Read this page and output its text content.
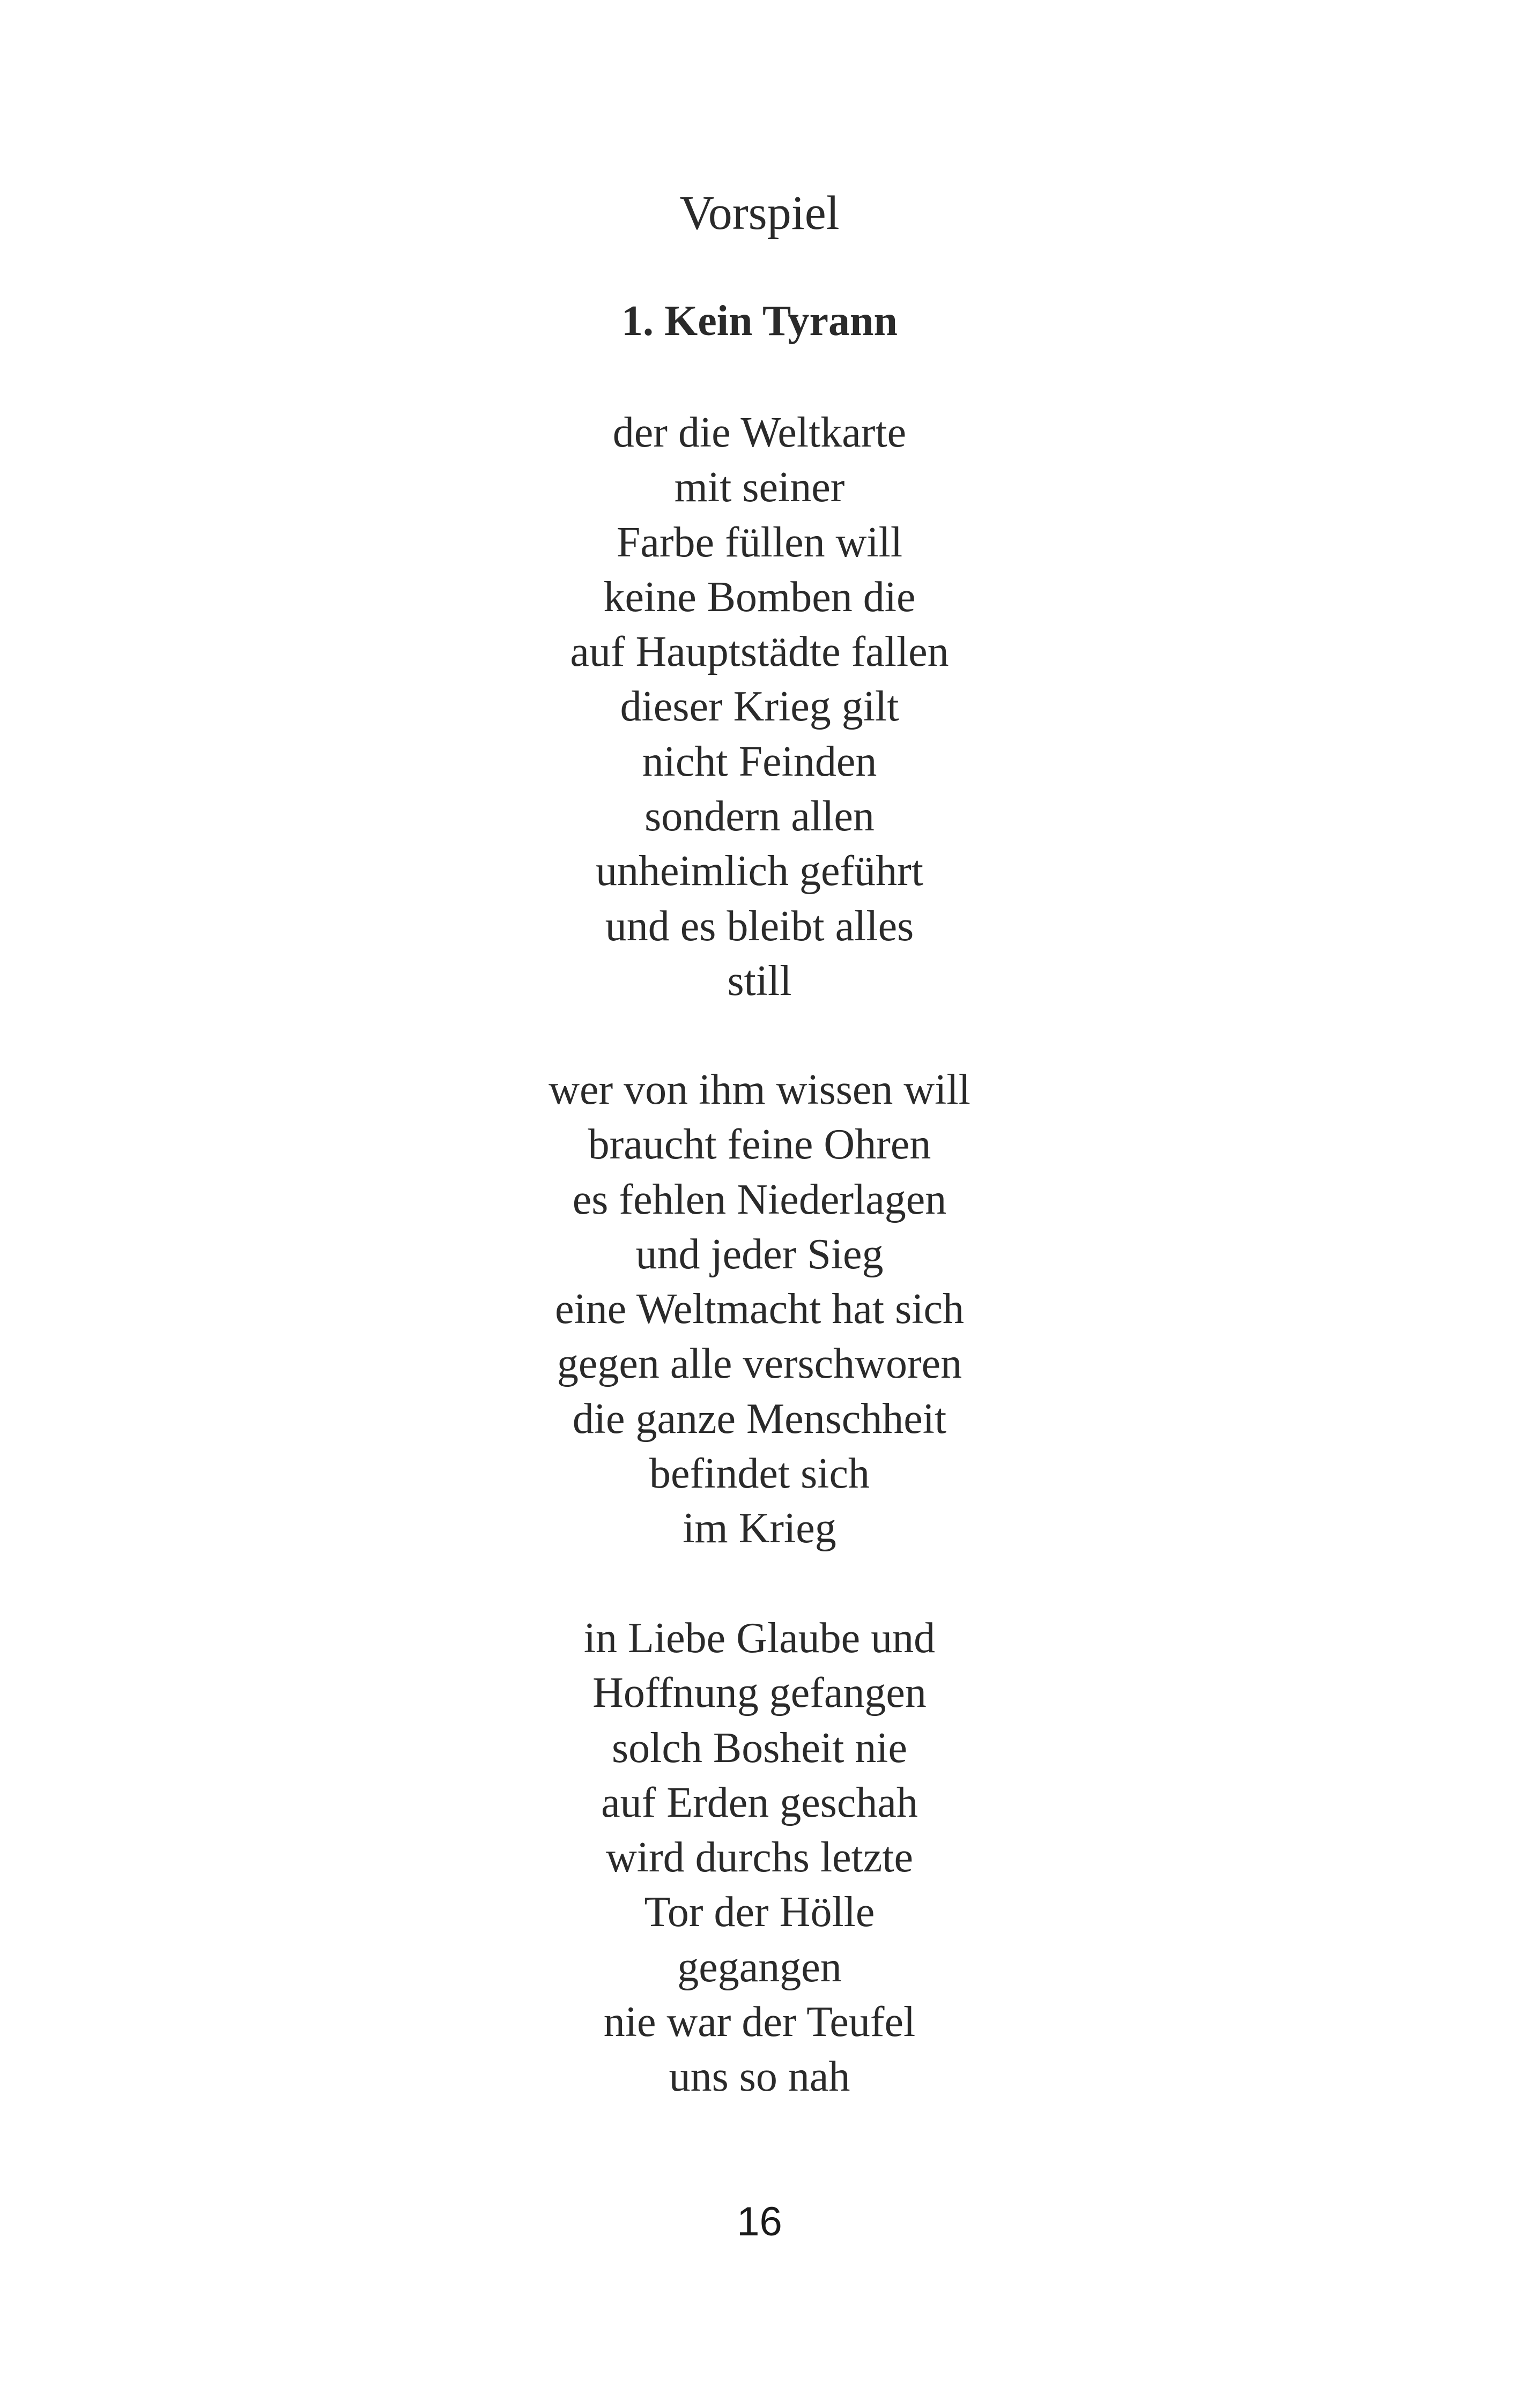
Vorspiel
1. Kein Tyrann
der die Weltkarte
mit seiner
Farbe füllen will
keine Bomben die
auf Hauptstädte fallen
dieser Krieg gilt
nicht Feinden
sondern allen
unheimlich geführt
und es bleibt alles
still
wer von ihm wissen will
braucht feine Ohren
es fehlen Niederlagen
und jeder Sieg
eine Weltmacht hat sich
gegen alle verschworen
die ganze Menschheit
befindet sich
im Krieg
in Liebe Glaube und
Hoffnung gefangen
solch Bosheit nie
auf Erden geschah
wird durchs letzte
Tor der Hölle
gegangen
nie war der Teufel
uns so nah
16
